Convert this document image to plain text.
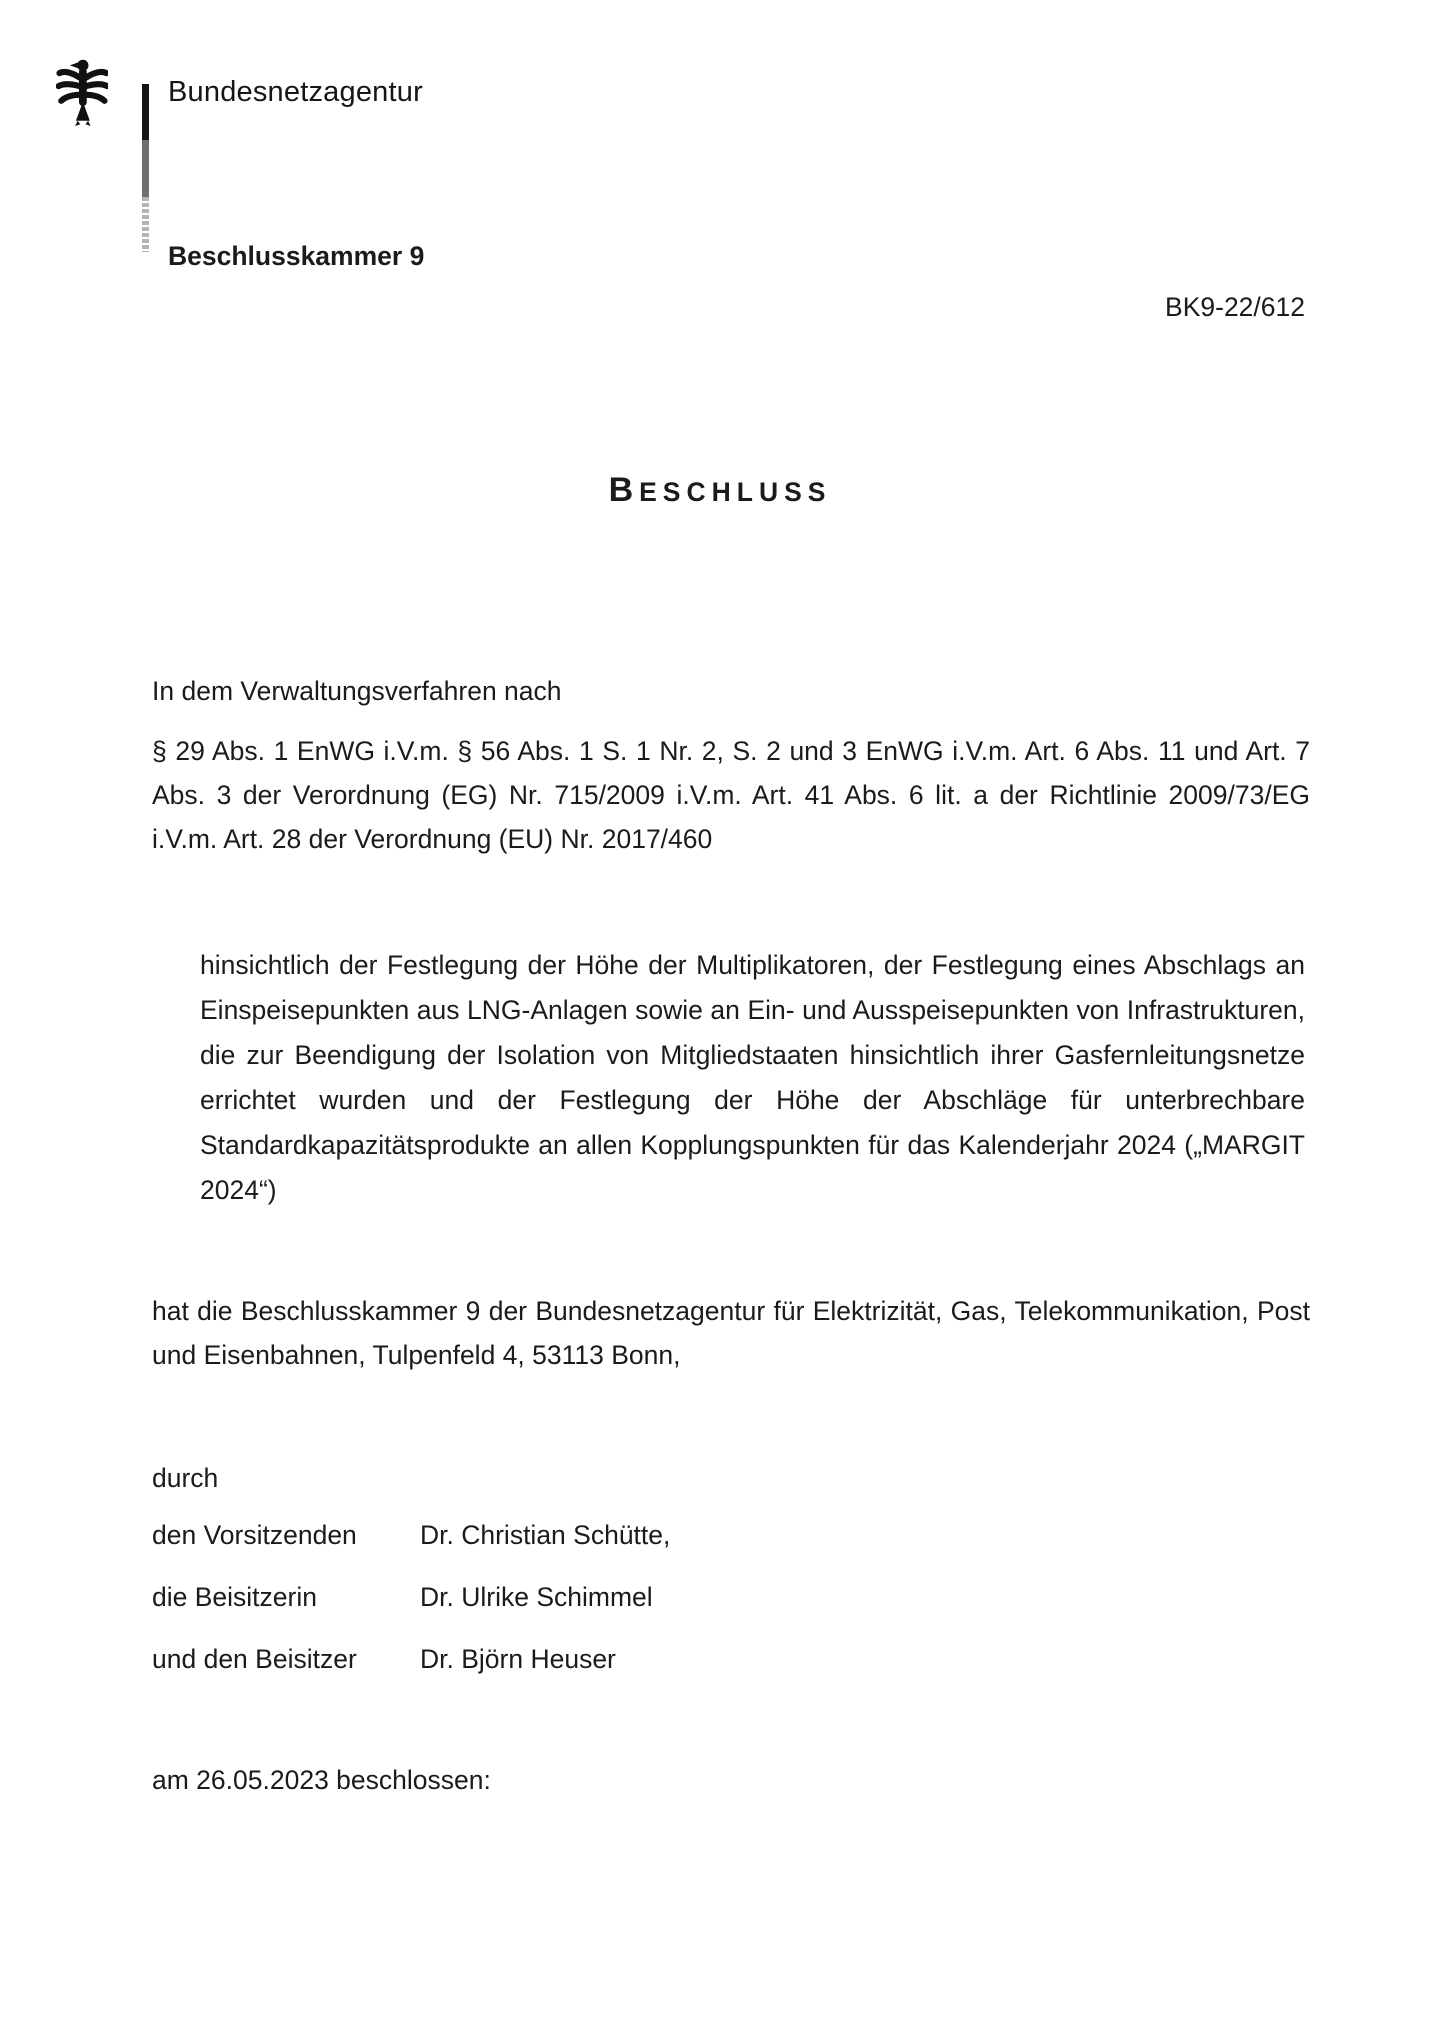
Bundesnetzagentur
Beschlusskammer 9
BK9-22/612
BESCHLUSS
In dem Verwaltungsverfahren nach
§ 29 Abs. 1 EnWG i.V.m. § 56 Abs. 1 S. 1 Nr. 2, S. 2 und 3 EnWG i.V.m. Art. 6 Abs. 11 und Art. 7 Abs. 3 der Verordnung (EG) Nr. 715/2009 i.V.m. Art. 41 Abs. 6 lit. a der Richtlinie 2009/73/EG i.V.m. Art. 28 der Verordnung (EU) Nr. 2017/460
hinsichtlich der Festlegung der Höhe der Multiplikatoren, der Festlegung eines Abschlags an Einspeisepunkten aus LNG-Anlagen sowie an Ein- und Ausspeisepunkten von Infrastrukturen, die zur Beendigung der Isolation von Mitgliedstaaten hinsichtlich ihrer Gasfernleitungsnetze errichtet wurden und der Festlegung der Höhe der Abschläge für unterbrechbare Standardkapazitätsprodukte an allen Kopplungspunkten für das Kalenderjahr 2024 („MARGIT 2024“)
hat die Beschlusskammer 9 der Bundesnetzagentur für Elektrizität, Gas, Telekommunikation, Post und Eisenbahnen, Tulpenfeld 4, 53113 Bonn,
durch
den Vorsitzenden	Dr. Christian Schütte,
die Beisitzerin	Dr. Ulrike Schimmel
und den Beisitzer	Dr. Björn Heuser
am 26.05.2023 beschlossen:
